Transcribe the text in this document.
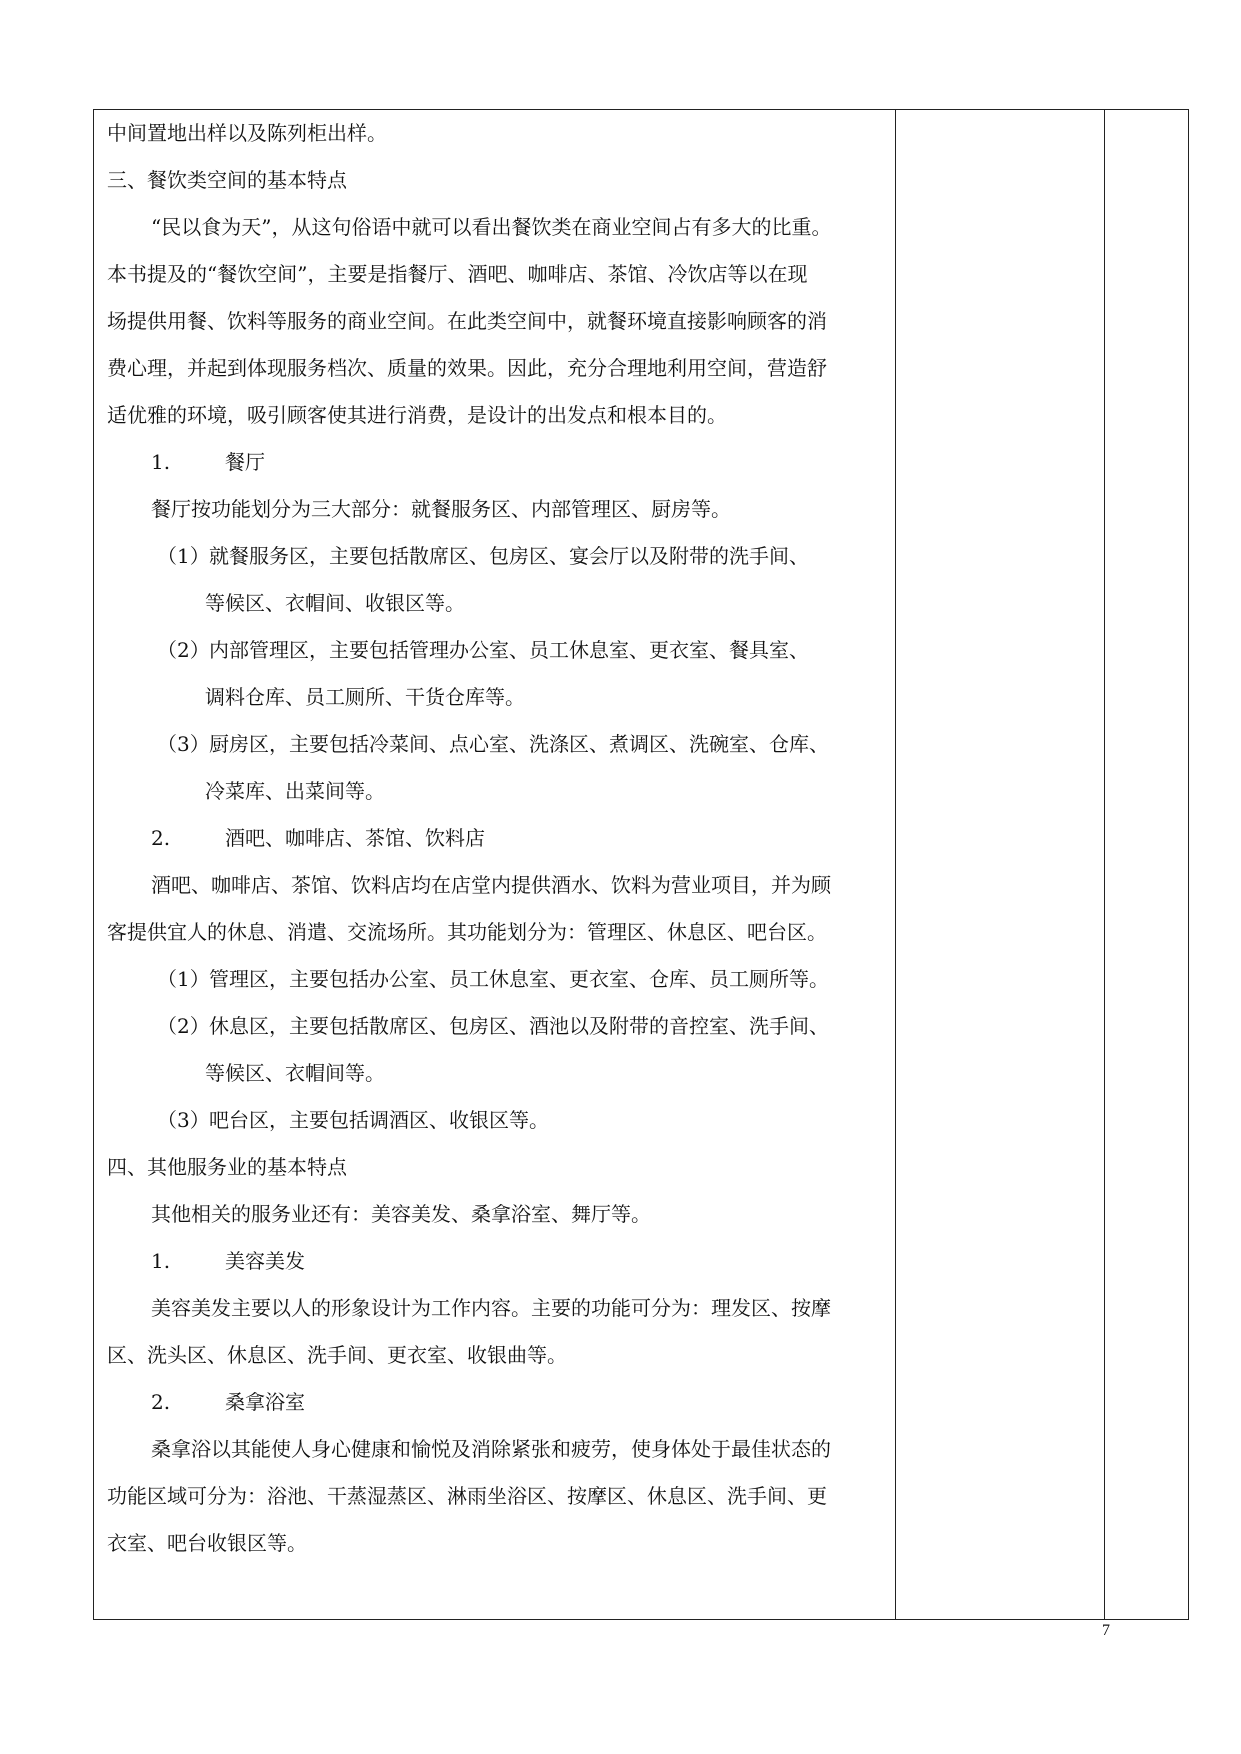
中间置地出样以及陈列柜出样。
三、餐饮类空间的基本特点
“民以食为天”，从这句俗语中就可以看出餐饮类在商业空间占有多大的比重。
本书提及的“餐饮空间”，主要是指餐厅、酒吧、咖啡店、茶馆、冷饮店等以在现
场提供用餐、饮料等服务的商业空间。在此类空间中，就餐环境直接影响顾客的消
费心理，并起到体现服务档次、质量的效果。因此，充分合理地利用空间，营造舒
适优雅的环境，吸引顾客使其进行消费，是设计的出发点和根本目的。
1.	餐厅
餐厅按功能划分为三大部分：就餐服务区、内部管理区、厨房等。
（1）就餐服务区，主要包括散席区、包房区、宴会厅以及附带的洗手间、
等候区、衣帽间、收银区等。
（2）内部管理区，主要包括管理办公室、员工休息室、更衣室、餐具室、
调料仓库、员工厕所、干货仓库等。
（3）厨房区，主要包括冷菜间、点心室、洗涤区、煮调区、洗碗室、仓库、
冷菜库、出菜间等。
2.	酒吧、咖啡店、茶馆、饮料店
酒吧、咖啡店、茶馆、饮料店均在店堂内提供酒水、饮料为营业项目，并为顾
客提供宜人的休息、消遣、交流场所。其功能划分为：管理区、休息区、吧台区。
（1）管理区，主要包括办公室、员工休息室、更衣室、仓库、员工厕所等。
（2）休息区，主要包括散席区、包房区、酒池以及附带的音控室、洗手间、
等候区、衣帽间等。
（3）吧台区，主要包括调酒区、收银区等。
四、其他服务业的基本特点
其他相关的服务业还有：美容美发、桑拿浴室、舞厅等。
1.	美容美发
美容美发主要以人的形象设计为工作内容。主要的功能可分为：理发区、按摩
区、洗头区、休息区、洗手间、更衣室、收银曲等。
2.	桑拿浴室
桑拿浴以其能使人身心健康和愉悦及消除紧张和疲劳，使身体处于最佳状态的
功能区域可分为：浴池、干蒸湿蒸区、淋雨坐浴区、按摩区、休息区、洗手间、更
衣室、吧台收银区等。
7
